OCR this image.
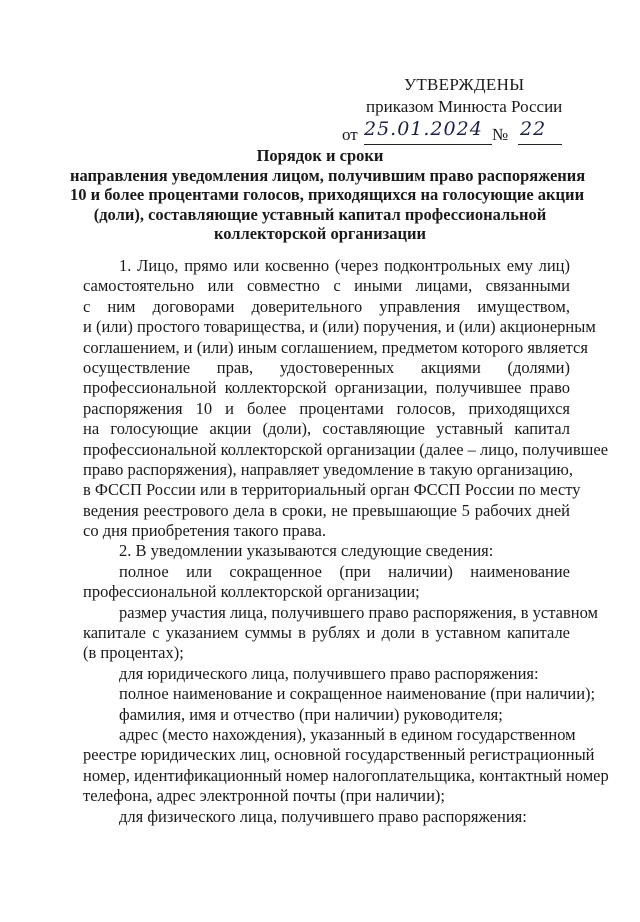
УТВЕРЖДЕНЫ
приказом Минюста России
от 25.01.2024 № 22
Порядок и сроки
направления уведомления лицом, получившим право распоряжения
10 и более процентами голосов, приходящихся на голосующие акции
(доли), составляющие уставный капитал профессиональной
коллекторской организации
1. Лицо, прямо или косвенно (через подконтрольных ему лиц)
самостоятельно или совместно с иными лицами, связанными
с ним договорами доверительного управления имуществом,
и (или) простого товарищества, и (или) поручения, и (или) акционерным
соглашением, и (или) иным соглашением, предметом которого является
осуществление прав, удостоверенных акциями (долями)
профессиональной коллекторской организации, получившее право
распоряжения 10 и более процентами голосов, приходящихся
на голосующие акции (доли), составляющие уставный капитал
профессиональной коллекторской организации (далее – лицо, получившее
право распоряжения), направляет уведомление в такую организацию,
в ФССП России или в территориальный орган ФССП России по месту
ведения реестрового дела в сроки, не превышающие 5 рабочих дней
со дня приобретения такого права.
2. В уведомлении указываются следующие сведения:
полное или сокращенное (при наличии) наименование
профессиональной коллекторской организации;
размер участия лица, получившего право распоряжения, в уставном
капитале с указанием суммы в рублях и доли в уставном капитале
(в процентах);
для юридического лица, получившего право распоряжения:
полное наименование и сокращенное наименование (при наличии);
фамилия, имя и отчество (при наличии) руководителя;
адрес (место нахождения), указанный в едином государственном
реестре юридических лиц, основной государственный регистрационный
номер, идентификационный номер налогоплательщика, контактный номер
телефона, адрес электронной почты (при наличии);
для физического лица, получившего право распоряжения:
